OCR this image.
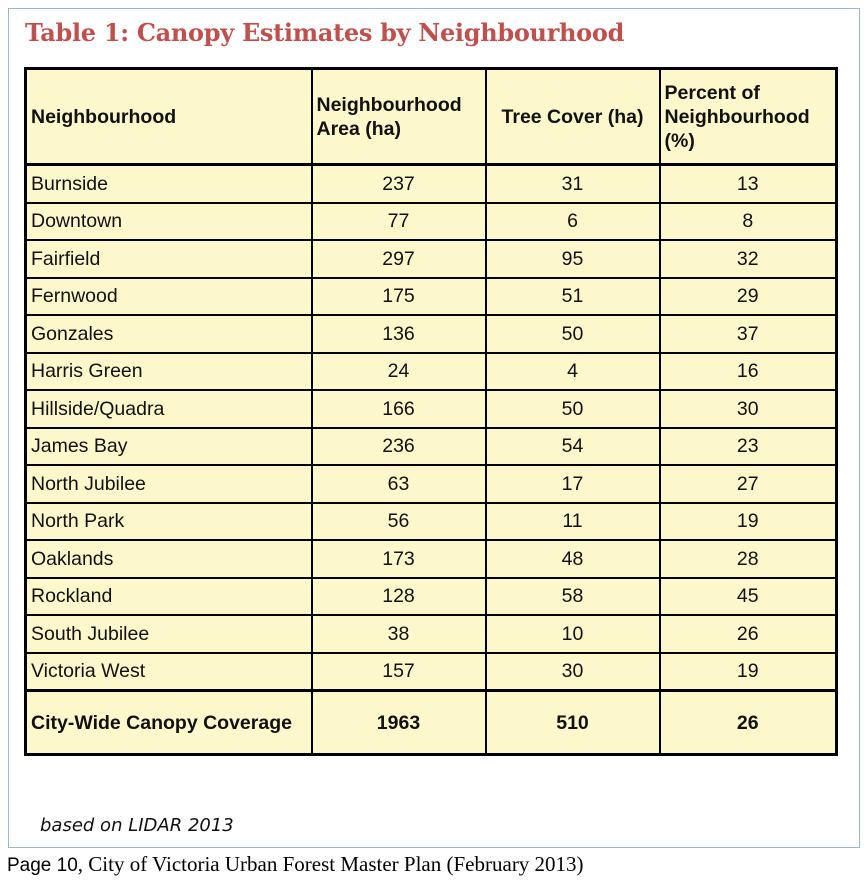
Table 1: Canopy Estimates by Neighbourhood
Neighbourhood	Neighbourhood Area (ha)	Tree Cover (ha)	Percent of Neighbourhood (%)
Burnside	237	31	13
Downtown	77	6	8
Fairfield	297	95	32
Fernwood	175	51	29
Gonzales	136	50	37
Harris Green	24	4	16
Hillside/Quadra	166	50	30
James Bay	236	54	23
North Jubilee	63	17	27
North Park	56	11	19
Oaklands	173	48	28
Rockland	128	58	45
South Jubilee	38	10	26
Victoria West	157	30	19
City-Wide Canopy Coverage	1963	510	26
based on LIDAR 2013
Page 10, City of Victoria Urban Forest Master Plan (February 2013)
